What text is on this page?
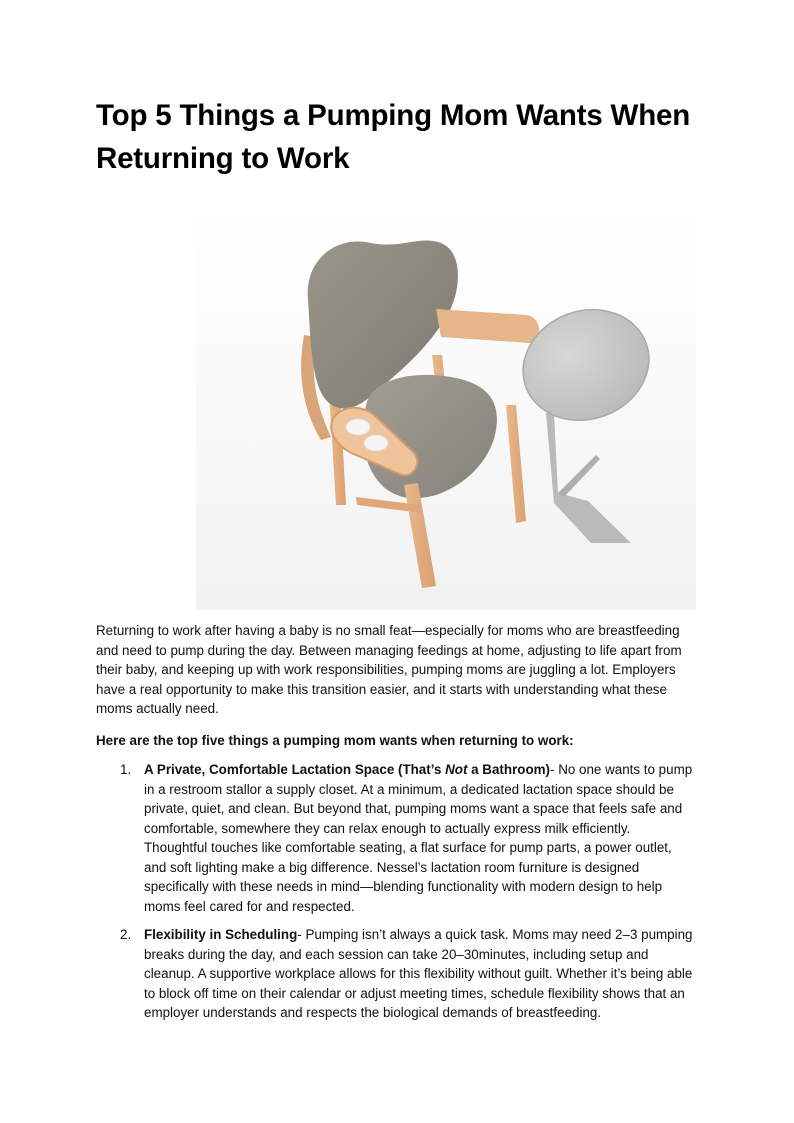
Top 5 Things a Pumping Mom Wants When Returning to Work

Returning to work after having a baby is no small feat—especially for moms who are breastfeeding and need to pump during the day. Between managing feedings at home, adjusting to life apart from their baby, and keeping up with work responsibilities, pumping moms are juggling a lot. Employers have a real opportunity to make this transition easier, and it starts with understanding what these moms actually need.

Here are the top five things a pumping mom wants when returning to work:

1. A Private, Comfortable Lactation Space (That’s Not a Bathroom)- No one wants to pump in a restroom stallor a supply closet. At a minimum, a dedicated lactation space should be private, quiet, and clean. But beyond that, pumping moms want a space that feels safe and comfortable, somewhere they can relax enough to actually express milk efficiently. Thoughtful touches like comfortable seating, a flat surface for pump parts, a power outlet, and soft lighting make a big difference. Nessel’s lactation room furniture is designed specifically with these needs in mind—blending functionality with modern design to help moms feel cared for and respected.
2. Flexibility in Scheduling- Pumping isn’t always a quick task. Moms may need 2–3 pumping breaks during the day, and each session can take 20–30minutes, including setup and cleanup. A supportive workplace allows for this flexibility without guilt. Whether it’s being able to block off time on their calendar or adjust meeting times, schedule flexibility shows that an employer understands and respects the biological demands of breastfeeding.
